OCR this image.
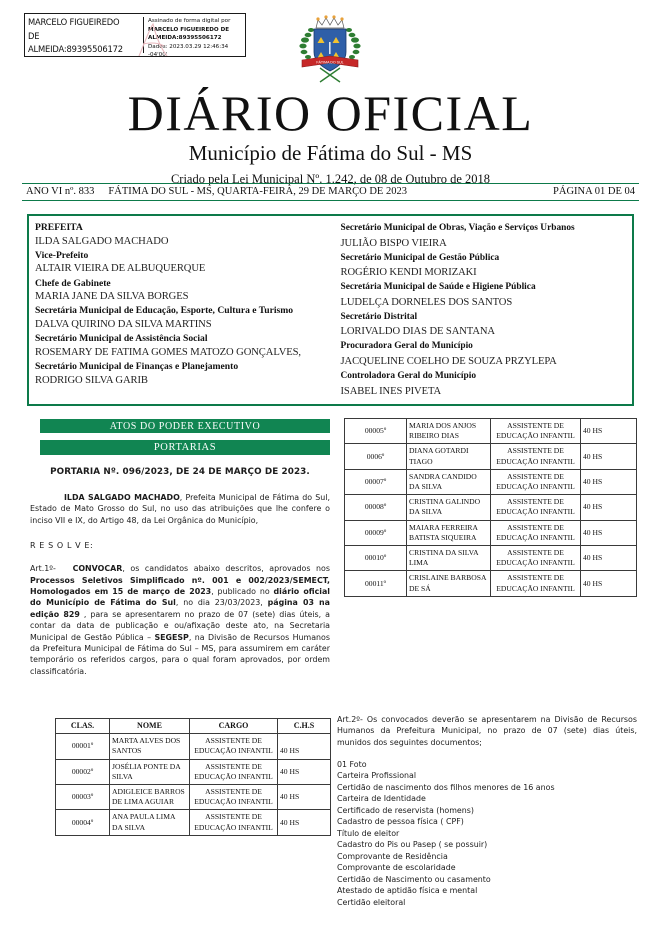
MARCELO FIGUEIREDO
DE
ALMEIDA:89395506172
Assinado de forma digital por
MARCELO FIGUEIREDO DE
ALMEIDA:89395506172
Dados: 2023.03.29 12:46:34 -04'00'
FÁTIMA DO SUL
DIÁRIO OFICIAL
Município de Fátima do Sul - MS
Criado pela Lei Municipal Nº. 1.242, de 08 de Outubro de 2018
ANO VI nº. 833 FÁTIMA DO SUL - MS, QUARTA-FEIRA, 29 DE MARÇO DE 2023	PÁGINA 01 DE 04
PREFEITA
ILDA SALGADO MACHADO
Vice-Prefeito
ALTAIR VIEIRA DE ALBUQUERQUE
Chefe de Gabinete
MARIA JANE DA SILVA BORGES
Secretária Municipal de Educação, Esporte, Cultura e Turismo
DALVA QUIRINO DA SILVA MARTINS
Secretário Municipal de Assistência Social
ROSEMARY DE FATIMA GOMES MATOZO GONÇALVES,
Secretário Municipal de Finanças e Planejamento
RODRIGO SILVA GARIB
Secretário Municipal de Obras, Viação e Serviços Urbanos
JULIÃO BISPO VIEIRA
Secretário Municipal de Gestão Pública
ROGÉRIO KENDI MORIZAKI
Secretária Municipal de Saúde e Higiene Pública
LUDELÇA DORNELES DOS SANTOS
Secretário Distrital
LORIVALDO DIAS DE SANTANA
Procuradora Geral do Município
JACQUELINE COELHO DE SOUZA PRZYLEPA
Controladora Geral do Município
ISABEL INES PIVETA
ATOS DO PODER EXECUTIVO
PORTARIAS
PORTARIA Nº. 096/2023, DE 24 DE MARÇO DE 2023.
ILDA SALGADO MACHADO, Prefeita Municipal de Fátima do Sul, Estado de Mato Grosso do Sul, no uso das atribuições que lhe confere o inciso VII e IX, do Artigo 48, da Lei Orgânica do Município,
R E S O L V E:
Art.1º- CONVOCAR, os candidatos abaixo descritos, aprovados nos Processos Seletivos Simplificado nº. 001 e 002/2023/SEMECT, Homologados em 15 de março de 2023, publicado no diário oficial do Município de Fátima do Sul, no dia 23/03/2023, página 03 na edição 829 , para se apresentarem no prazo de 07 (sete) dias úteis, a contar da data de publicação e ou/afixação deste ato, na Secretaria Municipal de Gestão Pública – SEGESP, na Divisão de Recursos Humanos da Prefeitura Municipal de Fátima do Sul – MS, para assumirem em caráter temporário os referidos cargos, para o qual foram aprovados, por ordem classificatória.
00005º	MARIA DOS ANJOS RIBEIRO DIAS	ASSISTENTE DE EDUCAÇÃO INFANTIL	40 HS
0006º	DIANA GOTARDI TIAGO	ASSISTENTE DE EDUCAÇÃO INFANTIL	40 HS
00007º	SANDRA CANDIDO DA SILVA	ASSISTENTE DE EDUCAÇÃO INFANTIL	40 HS
00008º	CRISTINA GALINDO DA SILVA	ASSISTENTE DE EDUCAÇÃO INFANTIL	40 HS
00009º	MAIARA FERREIRA BATISTA SIQUEIRA	ASSISTENTE DE EDUCAÇÃO INFANTIL	40 HS
00010º	CRISTINA DA SILVA LIMA	ASSISTENTE DE EDUCAÇÃO INFANTIL	40 HS
00011º	CRISLAINE BARBOSA DE SÁ	ASSISTENTE DE EDUCAÇÃO INFANTIL	40 HS
CLAS.	NOME	CARGO	C.H.S
00001º	MARTA ALVES DOS SANTOS	ASSISTENTE DE EDUCAÇÃO INFANTIL	40 HS
00002º	JOSÉLIA PONTE DA SILVA	ASSISTENTE DE EDUCAÇÃO INFANTIL	40 HS
00003º	ADIGLEICE BARROS DE LIMA AGUIAR	ASSISTENTE DE EDUCAÇÃO INFANTIL	40 HS
00004º	ANA PAULA LIMA DA SILVA	ASSISTENTE DE EDUCAÇÃO INFANTIL	40 HS
Art.2º- Os convocados deverão se apresentarem na Divisão de Recursos Humanos da Prefeitura Municipal, no prazo de 07 (sete) dias úteis, munidos dos seguintes documentos;
01 Foto
Carteira Profissional
Certidão de nascimento dos filhos menores de 16 anos
Carteira de Identidade
Certificado de reservista (homens)
Cadastro de pessoa física ( CPF)
Título de eleitor
Cadastro do Pis ou Pasep ( se possuir)
Comprovante de Residência
Comprovante de escolaridade
Certidão de Nascimento ou casamento
Atestado de aptidão física e mental
Certidão eleitoral
